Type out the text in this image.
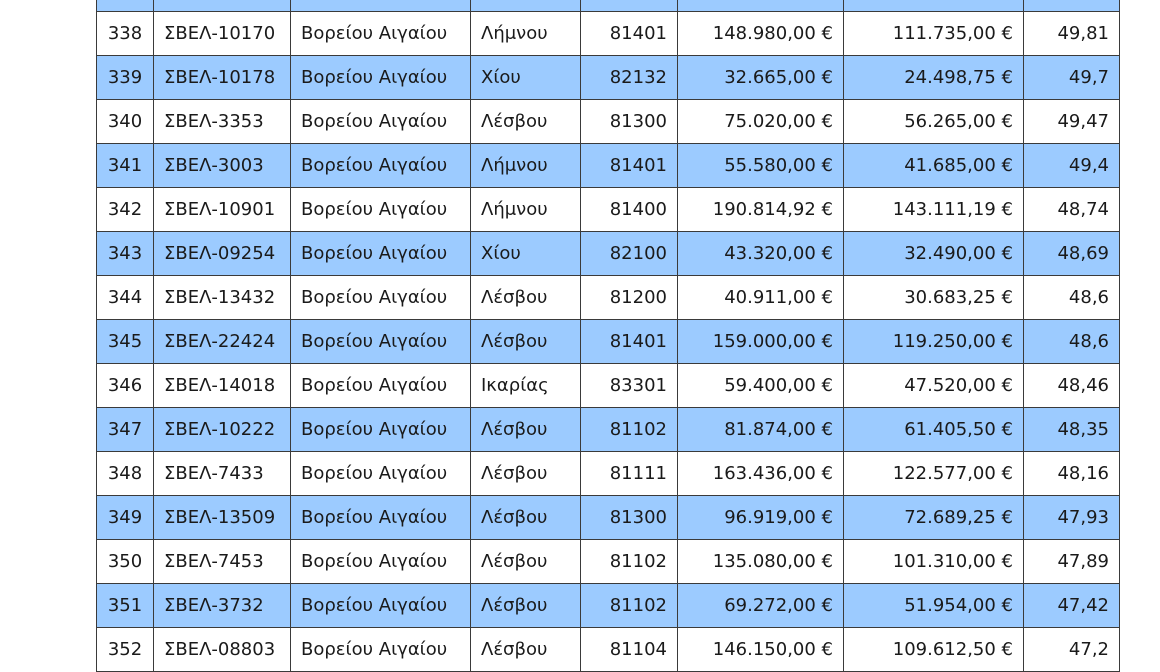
338	ΣΒΕΛ-10170	Βορείου Αιγαίου	Λήμνου	81401	148.980,00 €	111.735,00 €	49,81
339	ΣΒΕΛ-10178	Βορείου Αιγαίου	Χίου	82132	32.665,00 €	24.498,75 €	49,7
340	ΣΒΕΛ-3353	Βορείου Αιγαίου	Λέσβου	81300	75.020,00 €	56.265,00 €	49,47
341	ΣΒΕΛ-3003	Βορείου Αιγαίου	Λήμνου	81401	55.580,00 €	41.685,00 €	49,4
342	ΣΒΕΛ-10901	Βορείου Αιγαίου	Λήμνου	81400	190.814,92 €	143.111,19 €	48,74
343	ΣΒΕΛ-09254	Βορείου Αιγαίου	Χίου	82100	43.320,00 €	32.490,00 €	48,69
344	ΣΒΕΛ-13432	Βορείου Αιγαίου	Λέσβου	81200	40.911,00 €	30.683,25 €	48,6
345	ΣΒΕΛ-22424	Βορείου Αιγαίου	Λέσβου	81401	159.000,00 €	119.250,00 €	48,6
346	ΣΒΕΛ-14018	Βορείου Αιγαίου	Ικαρίας	83301	59.400,00 €	47.520,00 €	48,46
347	ΣΒΕΛ-10222	Βορείου Αιγαίου	Λέσβου	81102	81.874,00 €	61.405,50 €	48,35
348	ΣΒΕΛ-7433	Βορείου Αιγαίου	Λέσβου	81111	163.436,00 €	122.577,00 €	48,16
349	ΣΒΕΛ-13509	Βορείου Αιγαίου	Λέσβου	81300	96.919,00 €	72.689,25 €	47,93
350	ΣΒΕΛ-7453	Βορείου Αιγαίου	Λέσβου	81102	135.080,00 €	101.310,00 €	47,89
351	ΣΒΕΛ-3732	Βορείου Αιγαίου	Λέσβου	81102	69.272,00 €	51.954,00 €	47,42
352	ΣΒΕΛ-08803	Βορείου Αιγαίου	Λέσβου	81104	146.150,00 €	109.612,50 €	47,2
